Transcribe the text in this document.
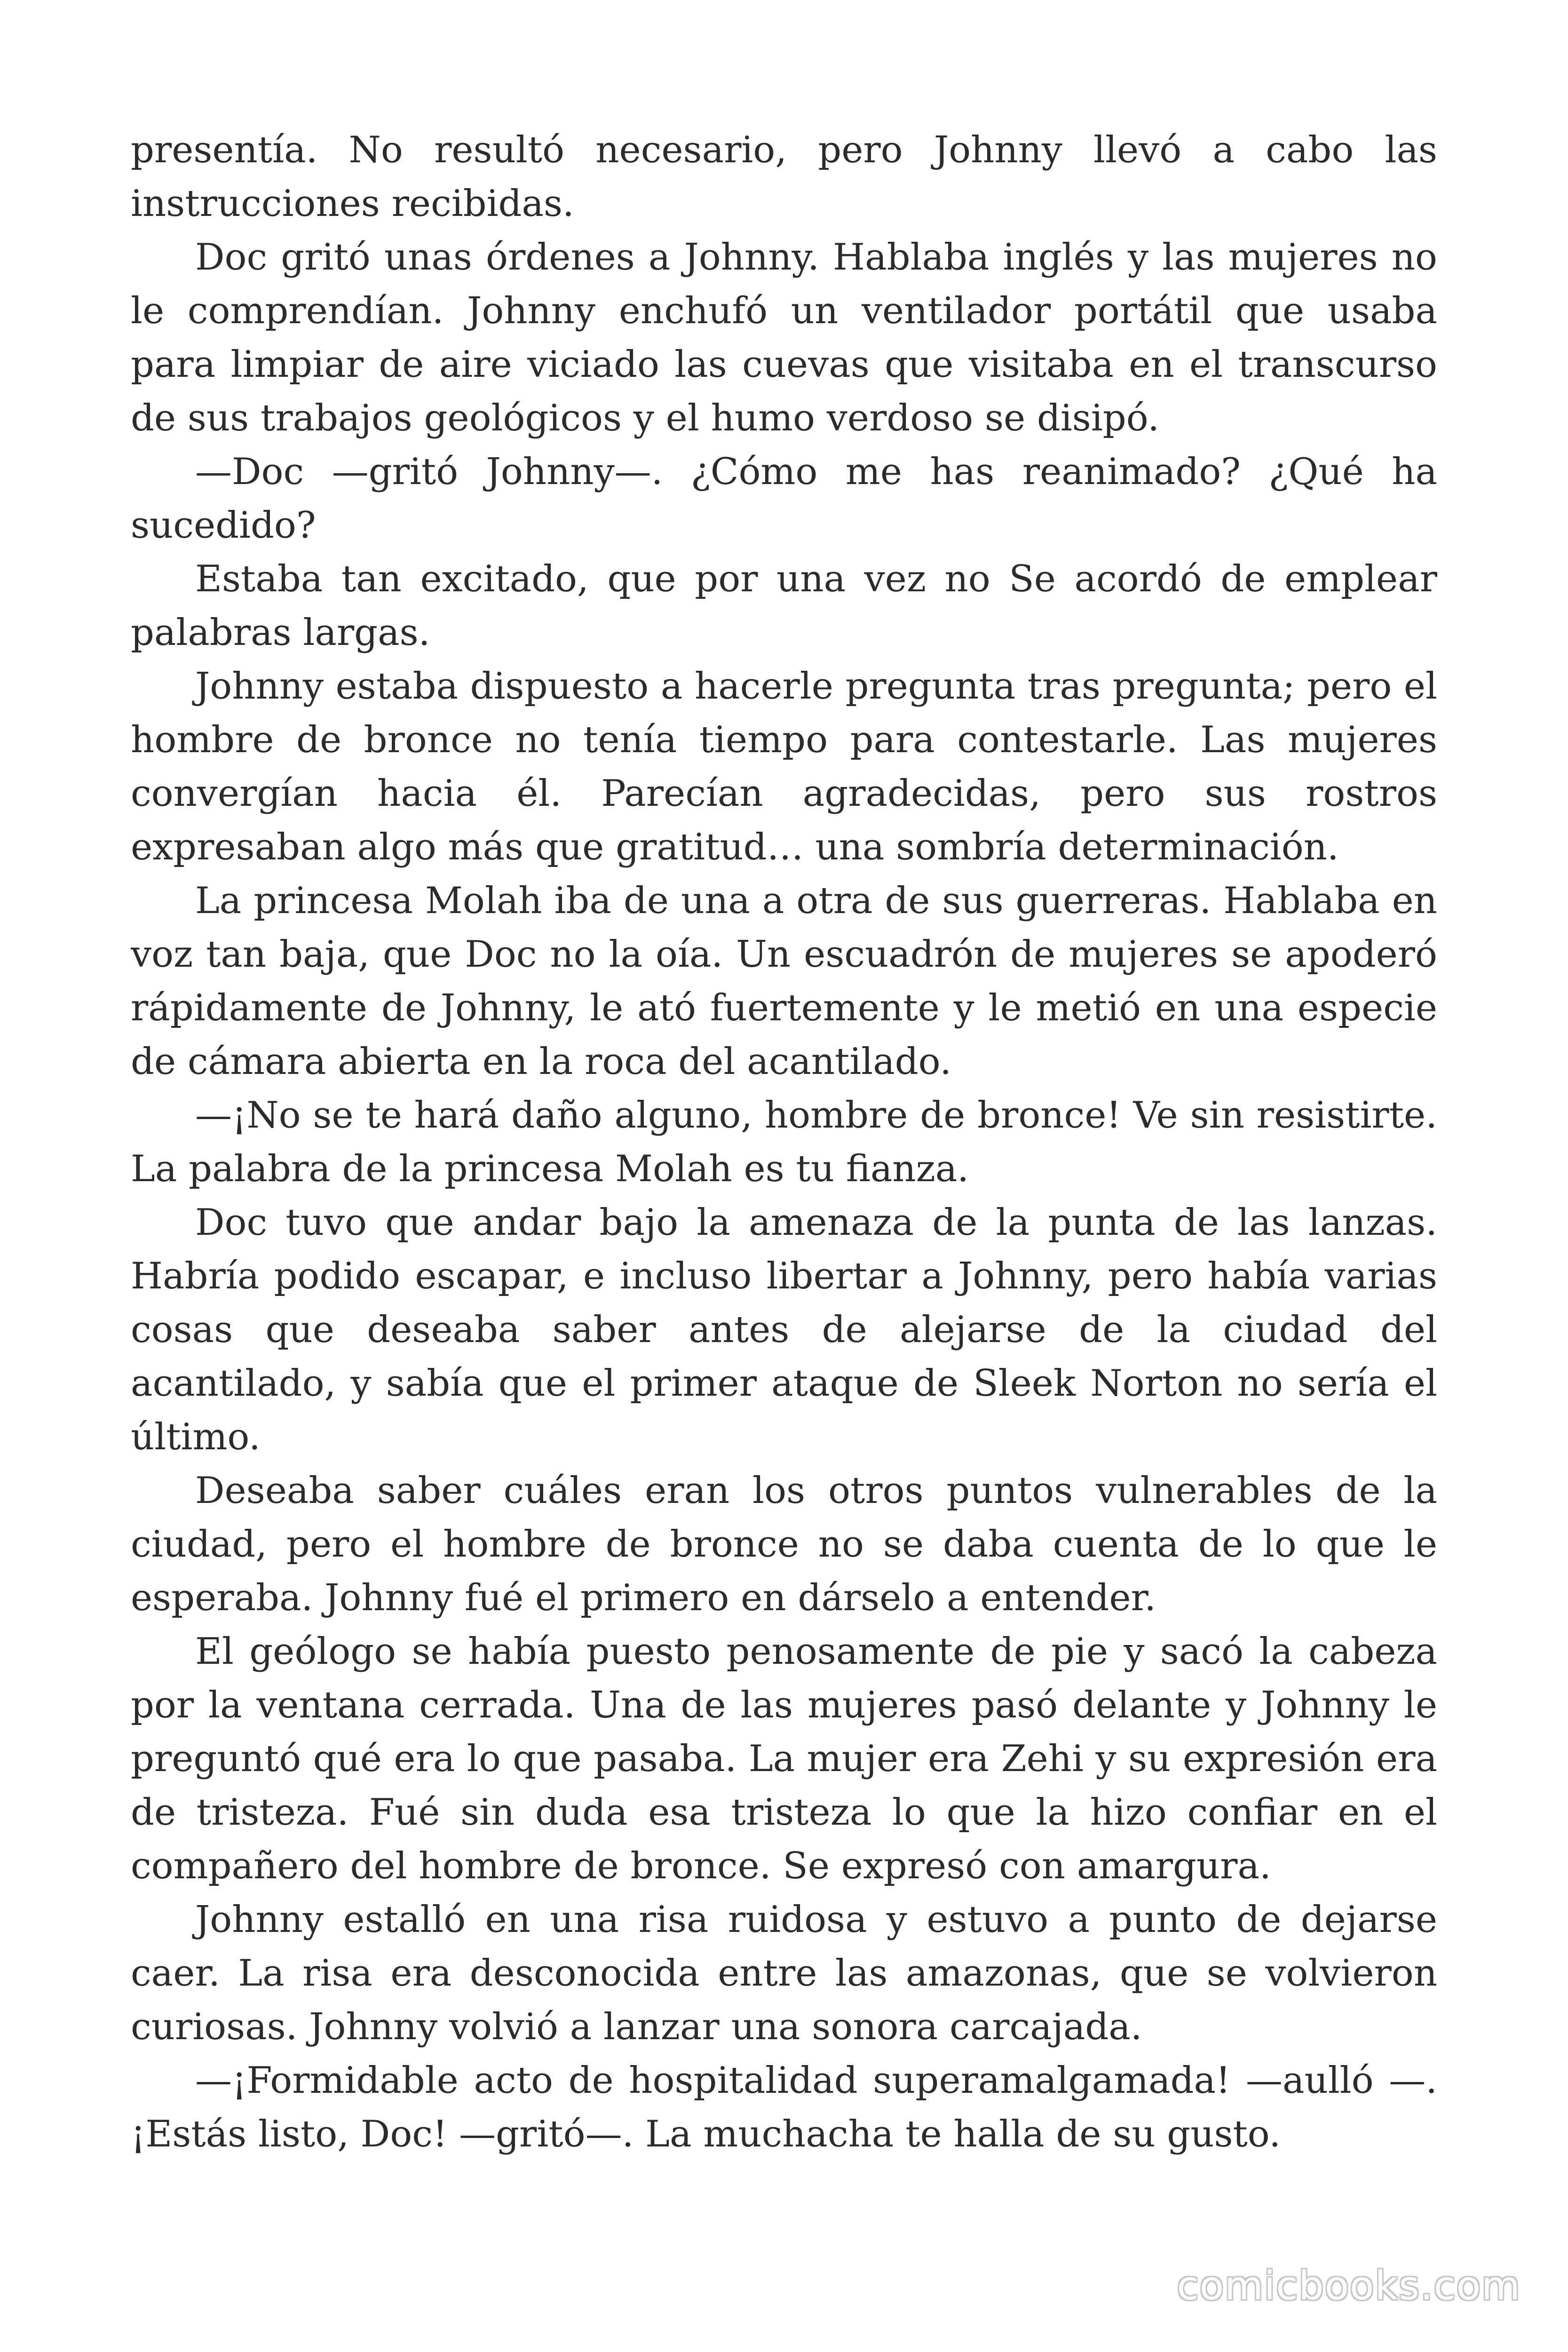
presentía. No resultó necesario, pero Johnny llevó a cabo las instrucciones recibidas.

Doc gritó unas órdenes a Johnny. Hablaba inglés y las mujeres no le comprendían. Johnny enchufó un ventilador portátil que usaba para limpiar de aire viciado las cuevas que visitaba en el transcurso de sus trabajos geológicos y el humo verdoso se disipó.

—Doc —gritó Johnny—. ¿Cómo me has reanimado? ¿Qué ha sucedido?

Estaba tan excitado, que por una vez no Se acordó de emplear palabras largas.

Johnny estaba dispuesto a hacerle pregunta tras pregunta; pero el hombre de bronce no tenía tiempo para contestarle. Las mujeres convergían hacia él. Parecían agradecidas, pero sus rostros expresaban algo más que gratitud… una sombría determinación.

La princesa Molah iba de una a otra de sus guerreras. Hablaba en voz tan baja, que Doc no la oía. Un escuadrón de mujeres se apoderó rápidamente de Johnny, le ató fuertemente y le metió en una especie de cámara abierta en la roca del acantilado.

—¡No se te hará daño alguno, hombre de bronce! Ve sin resistirte. La palabra de la princesa Molah es tu fianza.

Doc tuvo que andar bajo la amenaza de la punta de las lanzas. Habría podido escapar, e incluso libertar a Johnny, pero había varias cosas que deseaba saber antes de alejarse de la ciudad del acantilado, y sabía que el primer ataque de Sleek Norton no sería el último.

Deseaba saber cuáles eran los otros puntos vulnerables de la ciudad, pero el hombre de bronce no se daba cuenta de lo que le esperaba. Johnny fué el primero en dárselo a entender.

El geólogo se había puesto penosamente de pie y sacó la cabeza por la ventana cerrada. Una de las mujeres pasó delante y Johnny le preguntó qué era lo que pasaba. La mujer era Zehi y su expresión era de tristeza. Fué sin duda esa tristeza lo que la hizo confiar en el compañero del hombre de bronce. Se expresó con amargura.

Johnny estalló en una risa ruidosa y estuvo a punto de dejarse caer. La risa era desconocida entre las amazonas, que se volvieron curiosas. Johnny volvió a lanzar una sonora carcajada.

—¡Formidable acto de hospitalidad superamalgamada! —aulló —. ¡Estás listo, Doc! —gritó—. La muchacha te halla de su gusto.

comicbooks.com
